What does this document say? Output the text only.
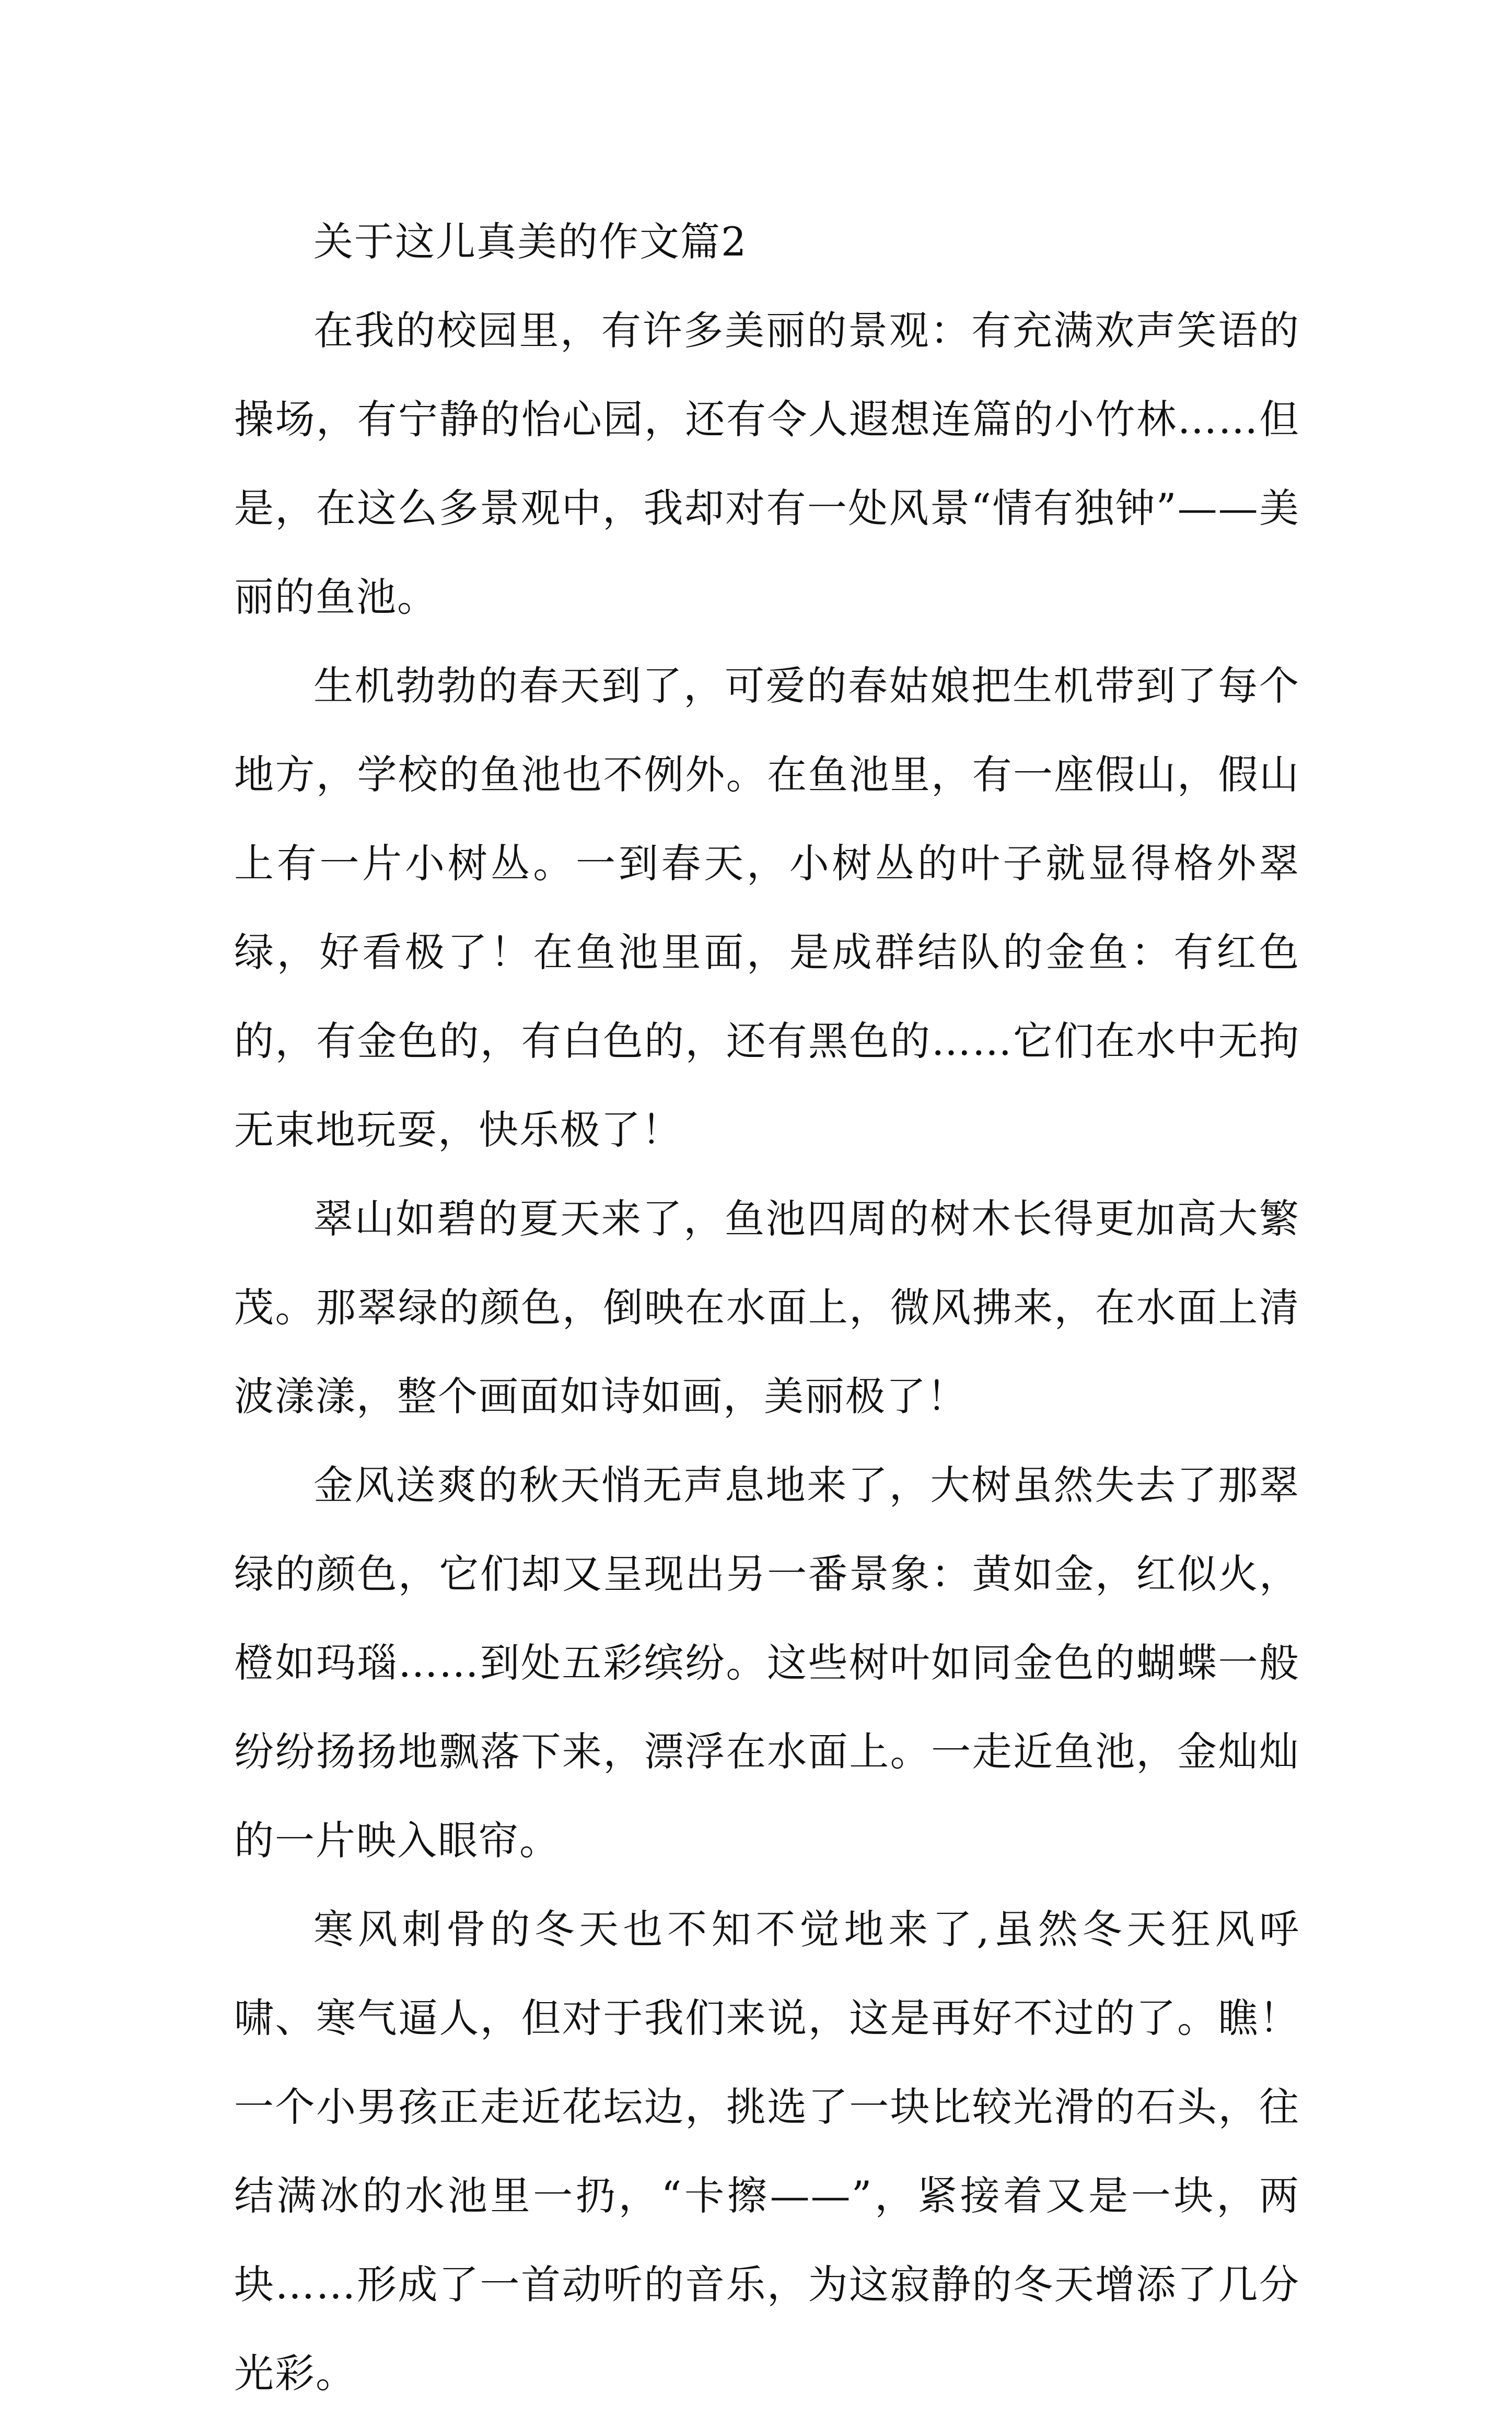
关于这儿真美的作文篇2

在我的校园里，有许多美丽的景观：有充满欢声笑语的操场，有宁静的怡心园，还有令人遐想连篇的小竹林……但是，在这么多景观中，我却对有一处风景“情有独钟”——美丽的鱼池。

生机勃勃的春天到了，可爱的春姑娘把生机带到了每个地方，学校的鱼池也不例外。在鱼池里，有一座假山，假山上有一片小树丛。一到春天，小树丛的叶子就显得格外翠绿，好看极了！在鱼池里面，是成群结队的金鱼：有红色的，有金色的，有白色的，还有黑色的……它们在水中无拘无束地玩耍，快乐极了！

翠山如碧的夏天来了，鱼池四周的树木长得更加高大繁茂。那翠绿的颜色，倒映在水面上，微风拂来，在水面上清波漾漾，整个画面如诗如画，美丽极了！

金风送爽的秋天悄无声息地来了，大树虽然失去了那翠绿的颜色，它们却又呈现出另一番景象：黄如金，红似火，橙如玛瑙……到处五彩缤纷。这些树叶如同金色的蝴蝶一般纷纷扬扬地飘落下来，漂浮在水面上。一走近鱼池，金灿灿的一片映入眼帘。

寒风刺骨的冬天也不知不觉地来了,虽然冬天狂风呼啸、寒气逼人，但对于我们来说，这是再好不过的了。瞧！一个小男孩正走近花坛边，挑选了一块比较光滑的石头，往结满冰的水池里一扔，“卡擦——”，紧接着又是一块，两块……形成了一首动听的音乐，为这寂静的冬天增添了几分光彩。
